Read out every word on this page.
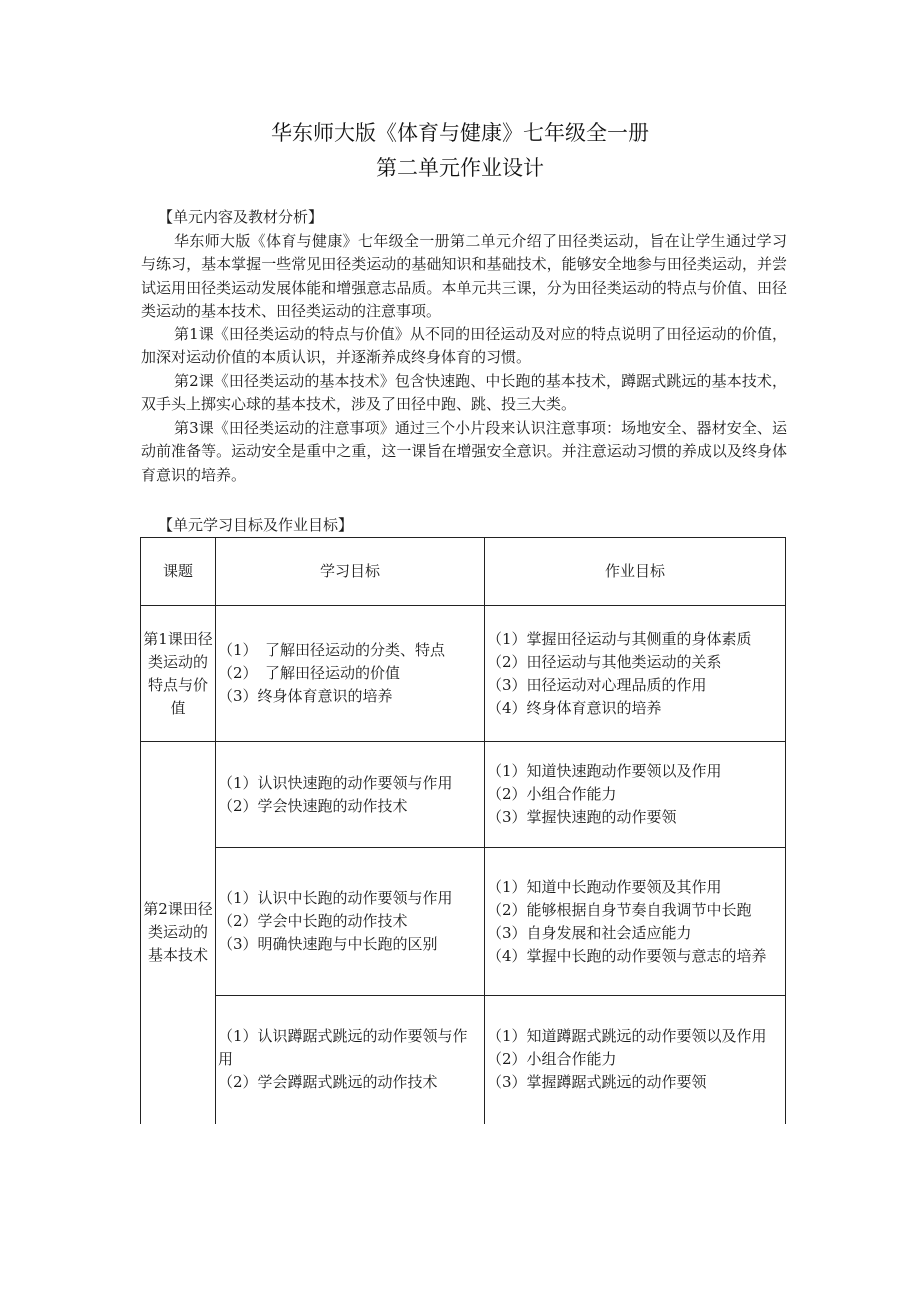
华东师大版《体育与健康》七年级全一册
第二单元作业设计
【单元内容及教材分析】
华东师大版《体育与健康》七年级全一册第二单元介绍了田径类运动，旨在让学生通过学习与练习，基本掌握一些常见田径类运动的基础知识和基础技术，能够安全地参与田径类运动，并尝试运用田径类运动发展体能和增强意志品质。本单元共三课，分为田径类运动的特点与价值、田径类运动的基本技术、田径类运动的注意事项。
第1课《田径类运动的特点与价值》从不同的田径运动及对应的特点说明了田径运动的价值，加深对运动价值的本质认识，并逐渐养成终身体育的习惯。
第2课《田径类运动的基本技术》包含快速跑、中长跑的基本技术，蹲踞式跳远的基本技术，双手头上掷实心球的基本技术，涉及了田径中跑、跳、投三大类。
第3课《田径类运动的注意事项》通过三个小片段来认识注意事项：场地安全、器材安全、运动前准备等。运动安全是重中之重，这一课旨在增强安全意识。并注意运动习惯的养成以及终身体育意识的培养。
【单元学习目标及作业目标】
课题	学习目标	作业目标
第1课田径类运动的特点与价值	（1）　了解田径运动的分类、特点
（2）　了解田径运动的价值
（3）终身体育意识的培养	（1）掌握田径运动与其侧重的身体素质
（2）田径运动与其他类运动的关系
（3）田径运动对心理品质的作用
（4）终身体育意识的培养

第2课田径类运动的基本技术	（1）认识快速跑的动作要领与作用
（2）学会快速跑的动作技术	（1）知道快速跑动作要领以及作用
（2）小组合作能力
（3）掌握快速跑的动作要领

	（1）认识中长跑的动作要领与作用
（2）学会中长跑的动作技术
（3）明确快速跑与中长跑的区别	（1）知道中长跑动作要领及其作用
（2）能够根据自身节奏自我调节中长跑
（3）自身发展和社会适应能力
（4）掌握中长跑的动作要领与意志的培养

	（1）认识蹲踞式跳远的动作要领与作用
（2）学会蹲踞式跳远的动作技术	（1）知道蹲踞式跳远的动作要领以及作用
（2）小组合作能力
（3）掌握蹲踞式跳远的动作要领
